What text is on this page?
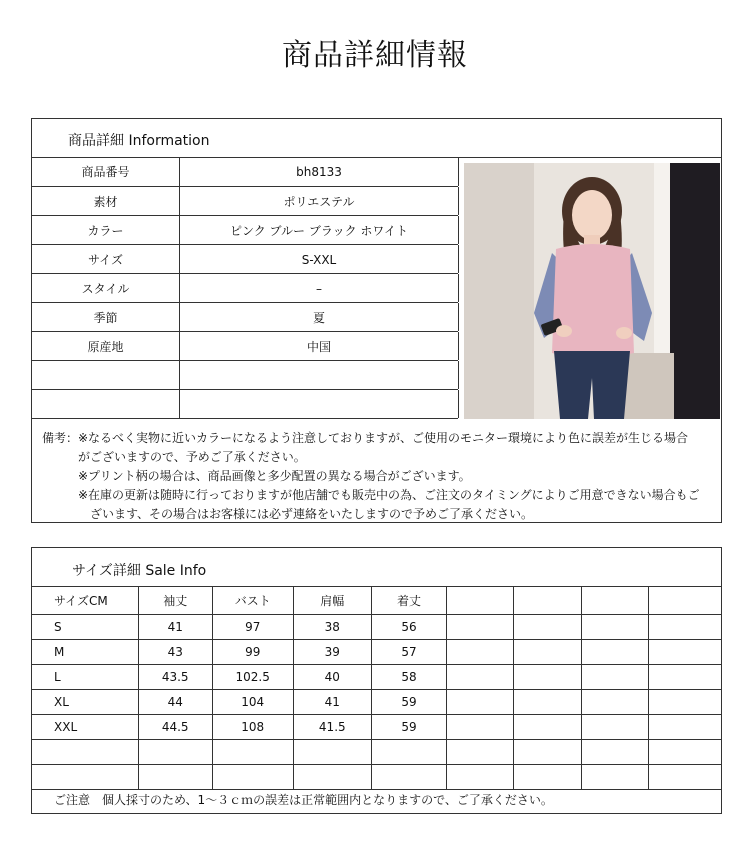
商品詳細情報
商品詳細 Information
商品番号	bh8133
素材	ポリエステル
カラー	ピンク ブルー ブラック ホワイト
サイズ	S-XXL
スタイル	–
季節	夏
原産地	中国
備考：※なるべく実物に近いカラーになるよう注意しておりますが、ご使用のモニター環境により色に誤差が生じる場合
　　　がございますので、予めご了承ください。
　　　※プリント柄の場合は、商品画像と多少配置の異なる場合がございます。
　　　※在庫の更新は随時に行っておりますが他店舗でも販売中の為、ご注文のタイミングによりご用意できない場合もご
　　　　ざいます、その場合はお客様には必ず連絡をいたしますので予めご了承ください。
サイズ詳細 Sale Info
サイズCM	袖丈	バスト	肩幅	着丈				
S	41	97	38	56				
M	43	99	39	57				
L	43.5	102.5	40	58				
XL	44	104	41	59				
XXL	44.5	108	41.5	59				

ご注意　個人採寸のため、1～３ｃｍの誤差は正常範囲内となりますので、ご了承ください。
